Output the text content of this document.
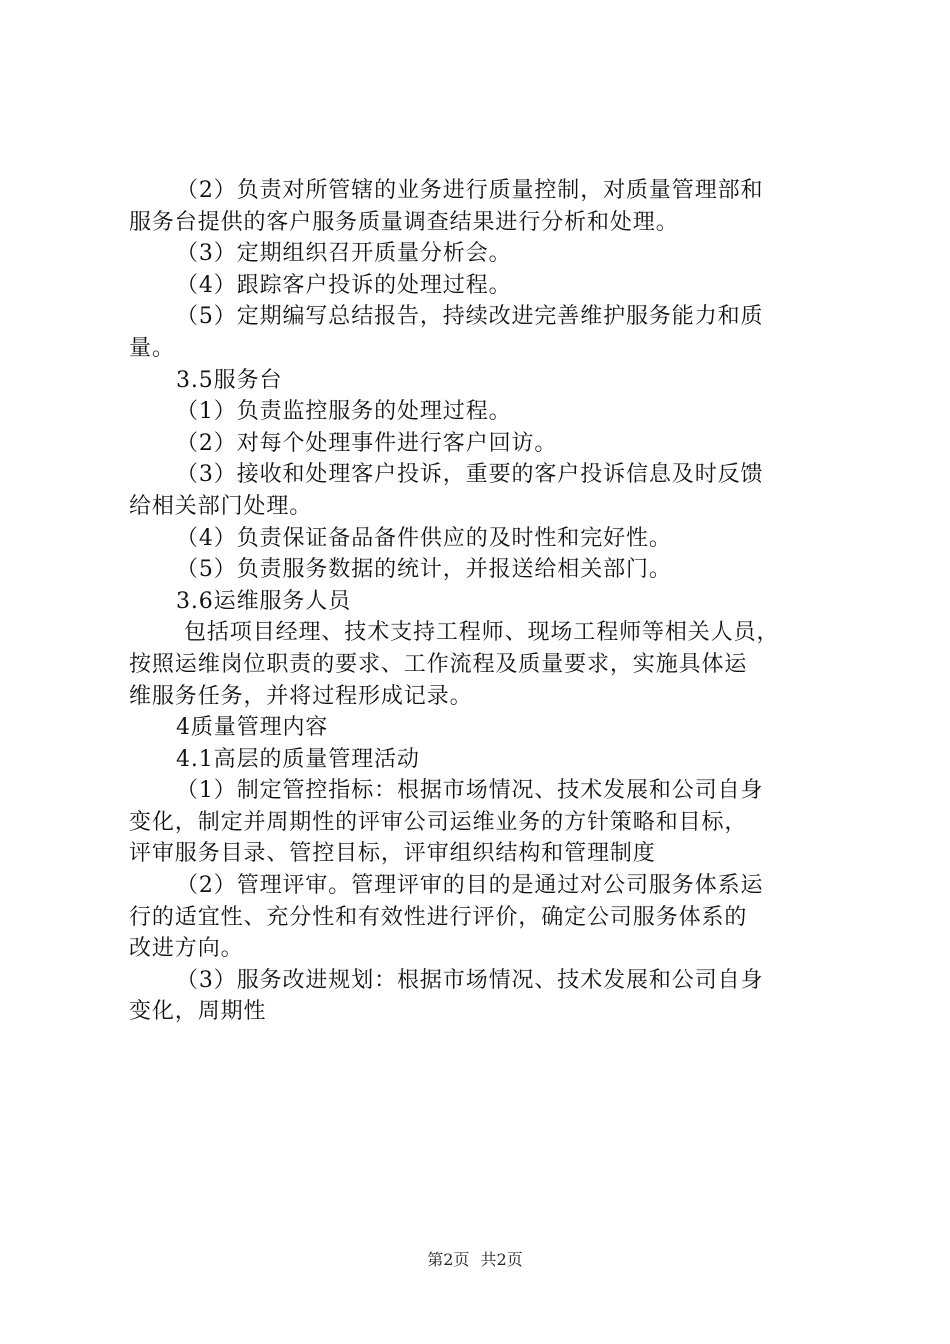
（2）负责对所管辖的业务进行质量控制，对质量管理部和
服务台提供的客户服务质量调查结果进行分析和处理。
（3）定期组织召开质量分析会。
（4）跟踪客户投诉的处理过程。
（5）定期编写总结报告，持续改进完善维护服务能力和质
量。
3.5服务台
（1）负责监控服务的处理过程。
（2）对每个处理事件进行客户回访。
（3）接收和处理客户投诉，重要的客户投诉信息及时反馈
给相关部门处理。
（4）负责保证备品备件供应的及时性和完好性。
（5）负责服务数据的统计，并报送给相关部门。
3.6运维服务人员
包括项目经理、技术支持工程师、现场工程师等相关人员，
按照运维岗位职责的要求、工作流程及质量要求，实施具体运
维服务任务，并将过程形成记录。
4质量管理内容
4.1高层的质量管理活动
（1）制定管控指标：根据市场情况、技术发展和公司自身
变化，制定并周期性的评审公司运维业务的方针策略和目标，
评审服务目录、管控目标，评审组织结构和管理制度
（2）管理评审。管理评审的目的是通过对公司服务体系运
行的适宜性、充分性和有效性进行评价，确定公司服务体系的
改进方向。
（3）服务改进规划：根据市场情况、技术发展和公司自身
变化，周期性
第2页 共2页
